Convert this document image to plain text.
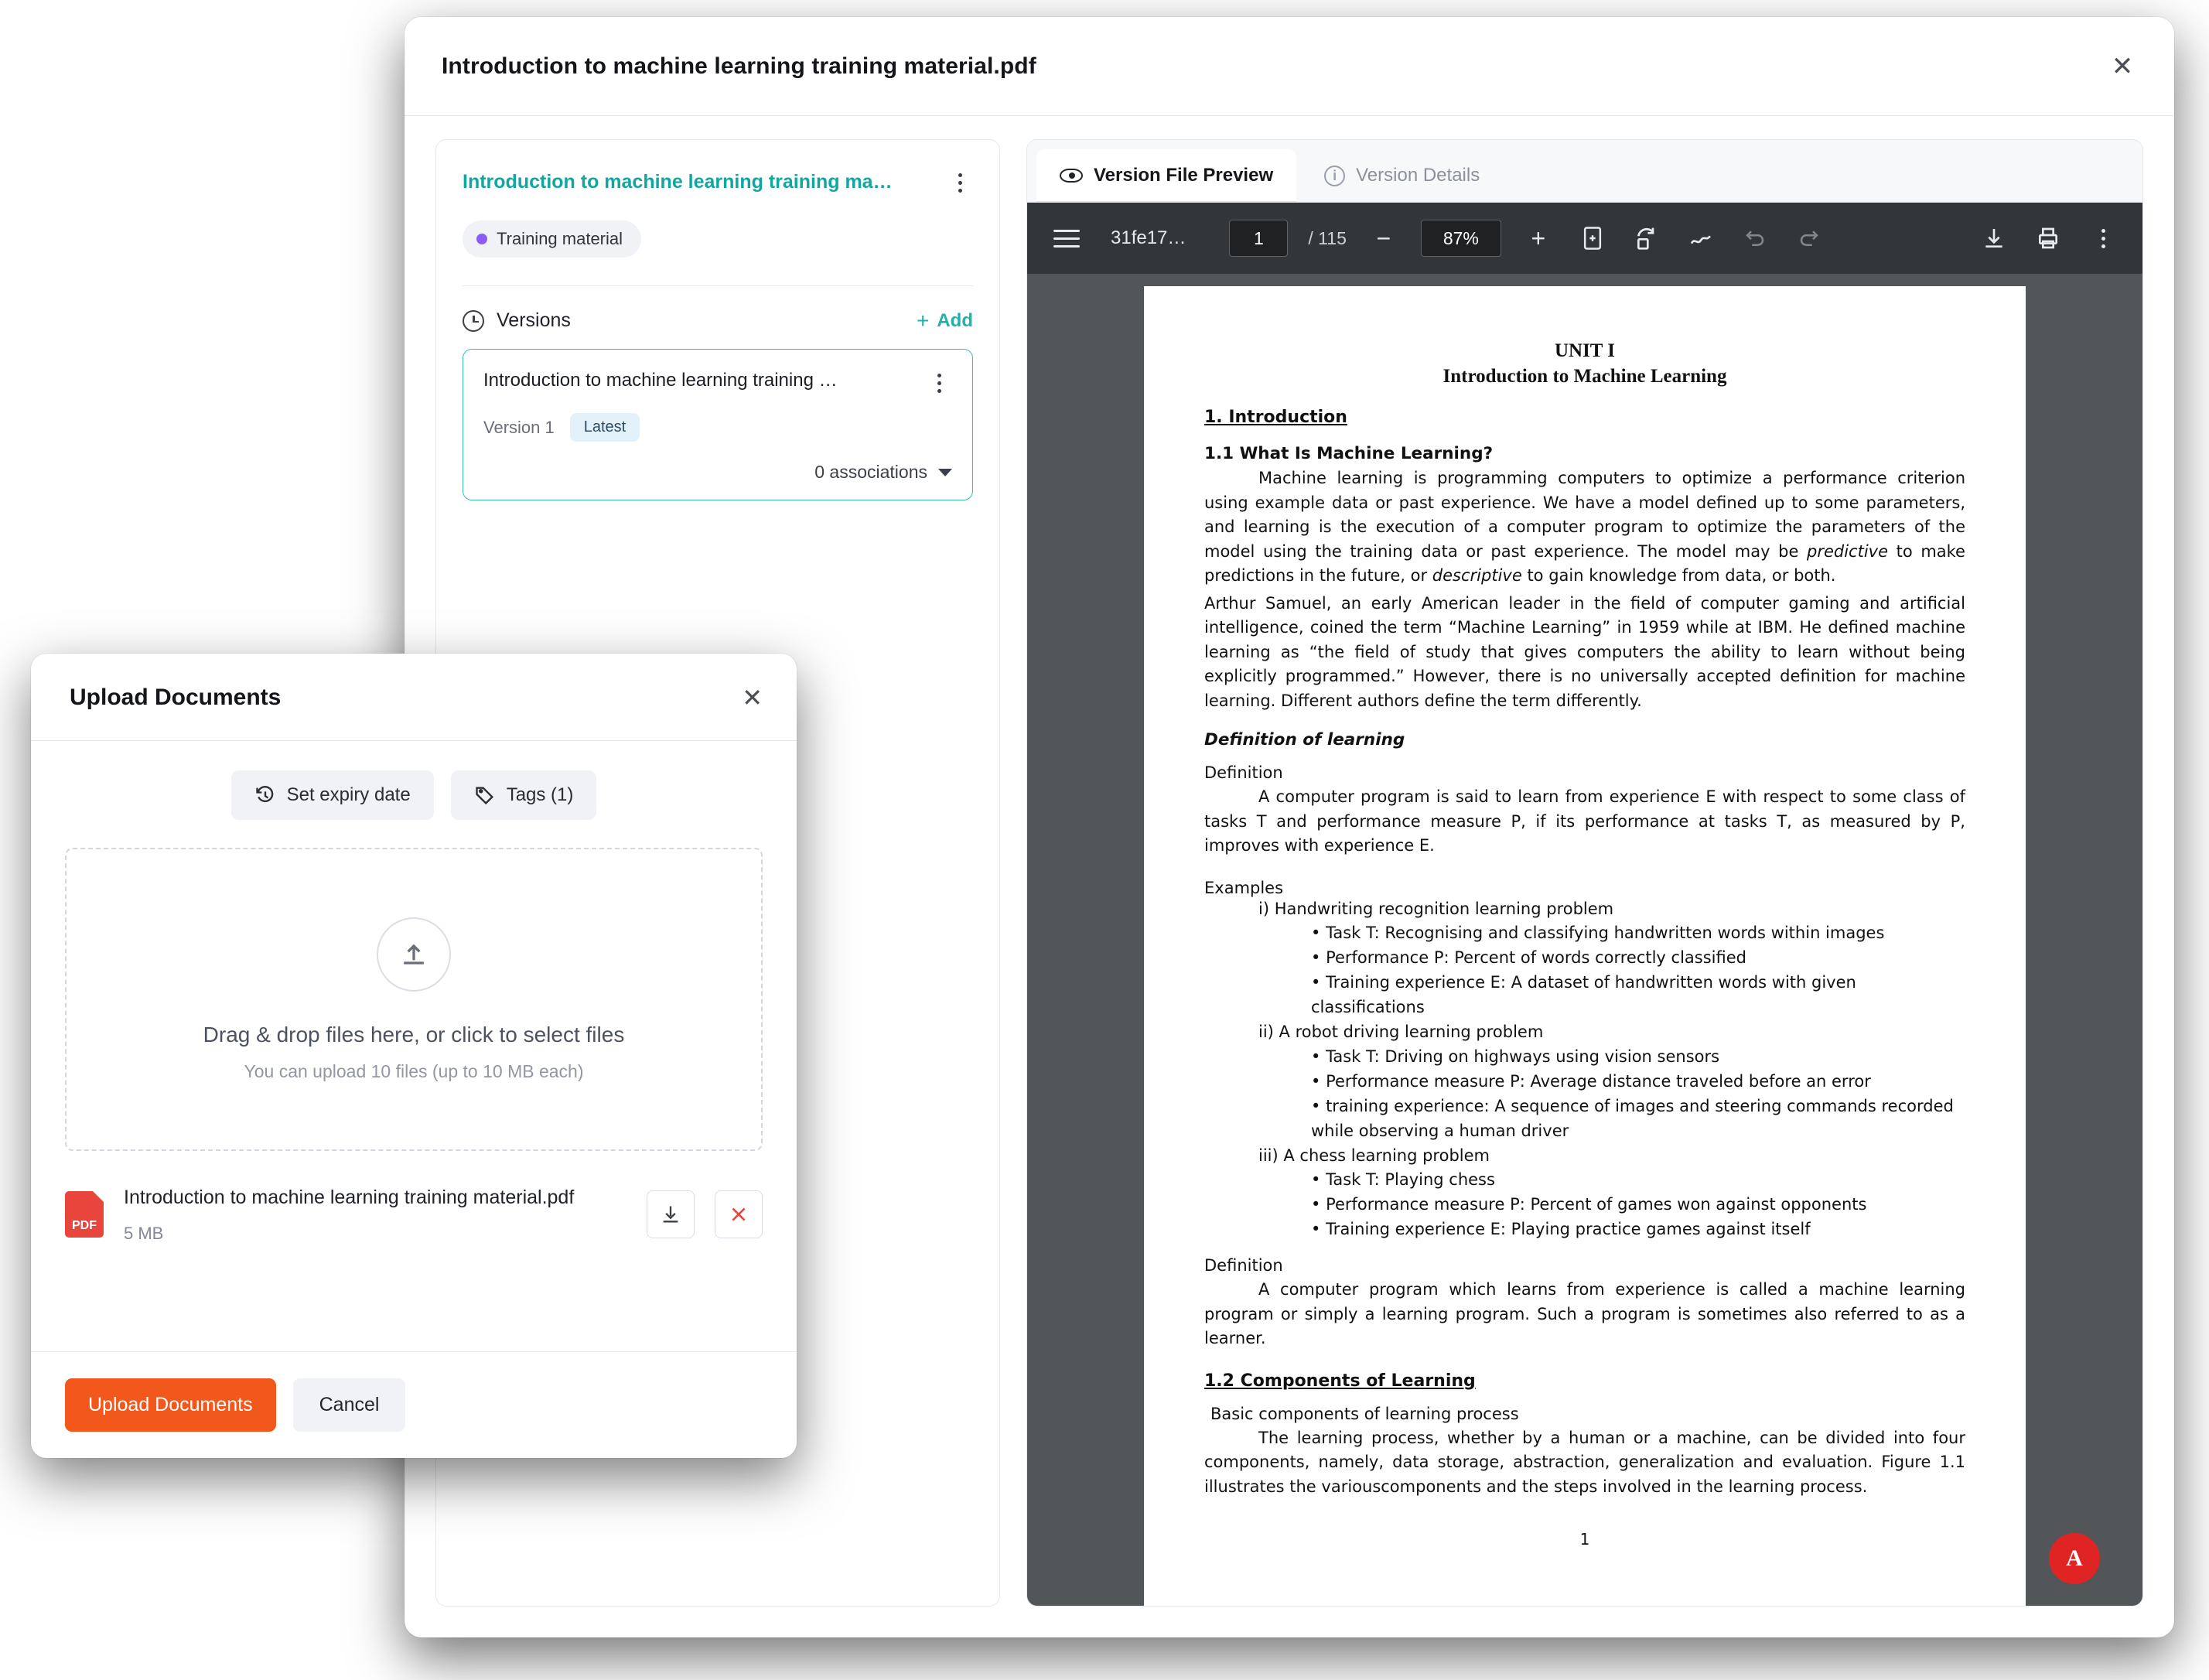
Introduction to machine learning training material.pdf	✕
Introduction to machine learning training ma…
Training material
Versions	+ Add
Introduction to machine learning training …
Version 1	Latest
0 associations
Version File Preview	i	Version Details
31fe17…	1	/ 115	−	87%	+
UNIT I
Introduction to Machine Learning
1. Introduction
1.1 What Is Machine Learning?
Machine learning is programming computers to optimize a performance criterion using example data or past experience. We have a model defined up to some parameters, and learning is the execution of a computer program to optimize the parameters of the model using the training data or past experience. The model may be predictive to make predictions in the future, or descriptive to gain knowledge from data, or both.
Arthur Samuel, an early American leader in the field of computer gaming and artificial intelligence, coined the term “Machine Learning” in 1959 while at IBM. He defined machine learning as “the field of study that gives computers the ability to learn without being explicitly programmed.” However, there is no universally accepted definition for machine learning. Different authors define the term differently.
Definition of learning
Definition
A computer program is said to learn from experience E with respect to some class of tasks T and performance measure P, if its performance at tasks T, as measured by P, improves with experience E.
Examples
i) Handwriting recognition learning problem
• Task T: Recognising and classifying handwritten words within images
• Performance P: Percent of words correctly classified
• Training experience E: A dataset of handwritten words with given classifications
ii) A robot driving learning problem
• Task T: Driving on highways using vision sensors
• Performance measure P: Average distance traveled before an error
• training experience: A sequence of images and steering commands recorded while observing a human driver
iii) A chess learning problem
• Task T: Playing chess
• Performance measure P: Percent of games won against opponents
• Training experience E: Playing practice games against itself
Definition
A computer program which learns from experience is called a machine learning program or simply a learning program. Such a program is sometimes also referred to as a learner.
1.2 Components of Learning
Basic components of learning process
The learning process, whether by a human or a machine, can be divided into four components, namely, data storage, abstraction, generalization and evaluation. Figure 1.1 illustrates the variouscomponents and the steps involved in the learning process.
1
A
Upload Documents	✕
Set expiry date	Tags (1)
Drag & drop files here, or click to select files
You can upload 10 files (up to 10 MB each)
PDF
Introduction to machine learning training material.pdf
5 MB
Upload Documents	Cancel
